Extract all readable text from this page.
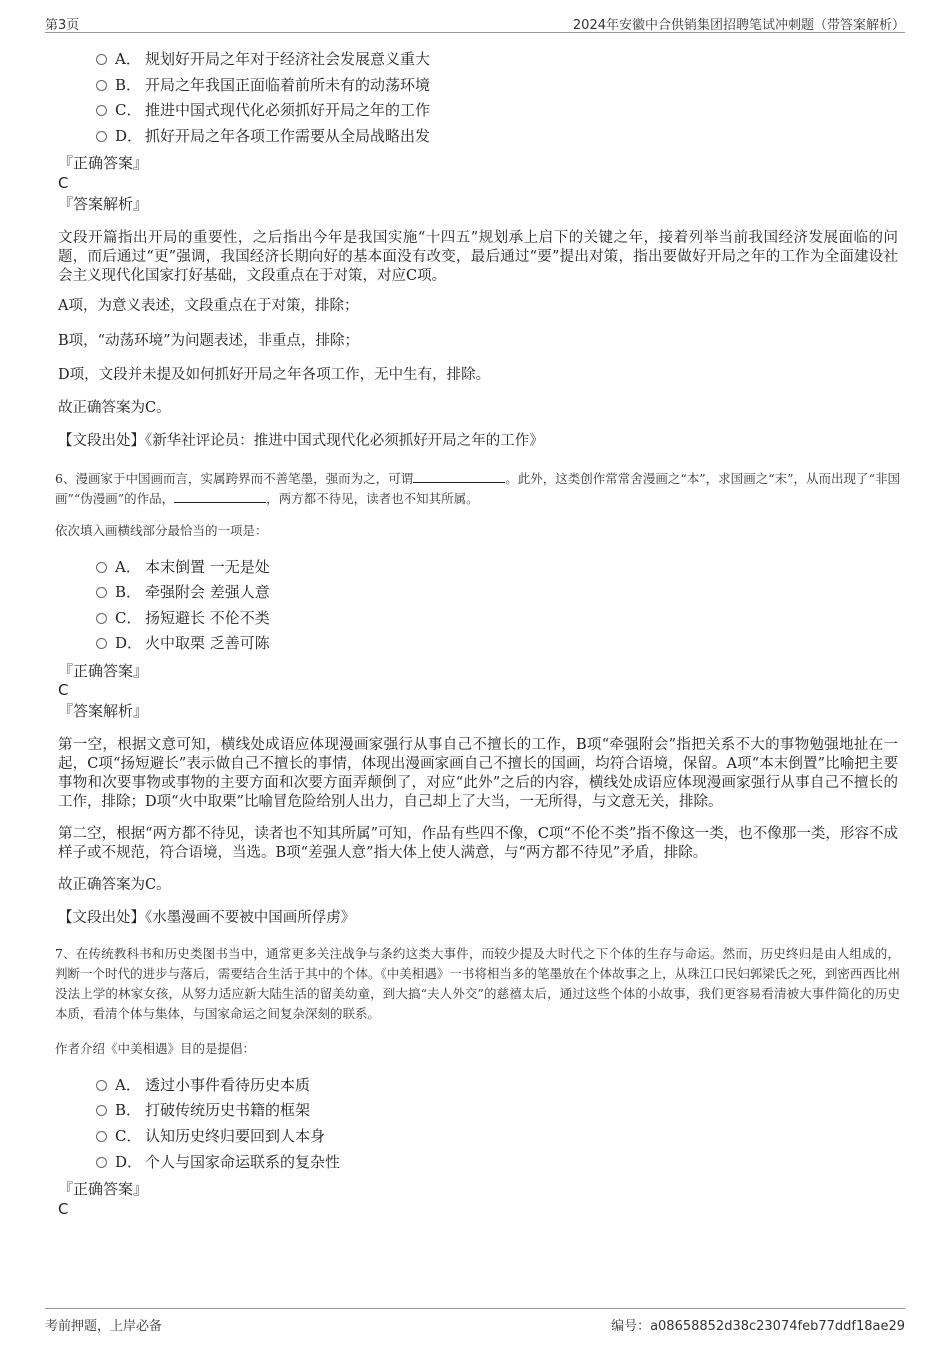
第3页	2024年安徽中合供销集团招聘笔试冲刺题（带答案解析）
A． 规划好开局之年对于经济社会发展意义重大
B． 开局之年我国正面临着前所未有的动荡环境
C． 推进中国式现代化必须抓好开局之年的工作
D． 抓好开局之年各项工作需要从全局战略出发
『正确答案』
C
『答案解析』
文段开篇指出开局的重要性，之后指出今年是我国实施“十四五”规划承上启下的关键之年，接着列举当前我国经济发展面临的问题，而后通过“更”强调，我国经济长期向好的基本面没有改变，最后通过“要”提出对策，指出要做好开局之年的工作为全面建设社会主义现代化国家打好基础，文段重点在于对策，对应C项。
A项，为意义表述，文段重点在于对策，排除；
B项，“动荡环境”为问题表述，非重点，排除；
D项，文段并未提及如何抓好开局之年各项工作，无中生有，排除。
故正确答案为C。
【文段出处】《新华社评论员：推进中国式现代化必须抓好开局之年的工作》
6、漫画家于中国画而言，实属跨界而不善笔墨，强而为之，可谓	。此外，这类创作常常舍漫画之“本”，求国画之“末”，从而出现了“非国画”“伪漫画”的作品，	，两方都不待见，读者也不知其所属。
依次填入画横线部分最恰当的一项是：
A． 本末倒置 一无是处
B． 牵强附会 差强人意
C． 扬短避长 不伦不类
D． 火中取栗 乏善可陈
『正确答案』
C
『答案解析』
第一空，根据文意可知，横线处成语应体现漫画家强行从事自己不擅长的工作，B项“牵强附会”指把关系不大的事物勉强地扯在一起，C项“扬短避长”表示做自己不擅长的事情，体现出漫画家画自己不擅长的国画，均符合语境，保留。A项“本末倒置”比喻把主要事物和次要事物或事物的主要方面和次要方面弄颠倒了，对应“此外”之后的内容，横线处成语应体现漫画家强行从事自己不擅长的工作，排除；D项“火中取栗”比喻冒危险给别人出力，自己却上了大当，一无所得，与文意无关，排除。
第二空，根据“两方都不待见，读者也不知其所属”可知，作品有些四不像，C项“不伦不类”指不像这一类，也不像那一类，形容不成样子或不规范，符合语境，当选。B项“差强人意”指大体上使人满意，与“两方都不待见”矛盾，排除。
故正确答案为C。
【文段出处】《水墨漫画不要被中国画所俘虏》
7、在传统教科书和历史类图书当中，通常更多关注战争与条约这类大事件，而较少提及大时代之下个体的生存与命运。然而，历史终归是由人组成的，判断一个时代的进步与落后，需要结合生活于其中的个体。《中美相遇》一书将相当多的笔墨放在个体故事之上，从珠江口民妇郭梁氏之死，到密西西比州没法上学的林家女孩，从努力适应新大陆生活的留美幼童，到大搞“夫人外交”的慈禧太后，通过这些个体的小故事，我们更容易看清被大事件简化的历史本质，看清个体与集体，与国家命运之间复杂深刻的联系。
作者介绍《中美相遇》目的是提倡：
A． 透过小事件看待历史本质
B． 打破传统历史书籍的框架
C． 认知历史终归要回到人本身
D． 个人与国家命运联系的复杂性
『正确答案』
C
考前押题，上岸必备	编号：a08658852d38c23074feb77ddf18ae29
